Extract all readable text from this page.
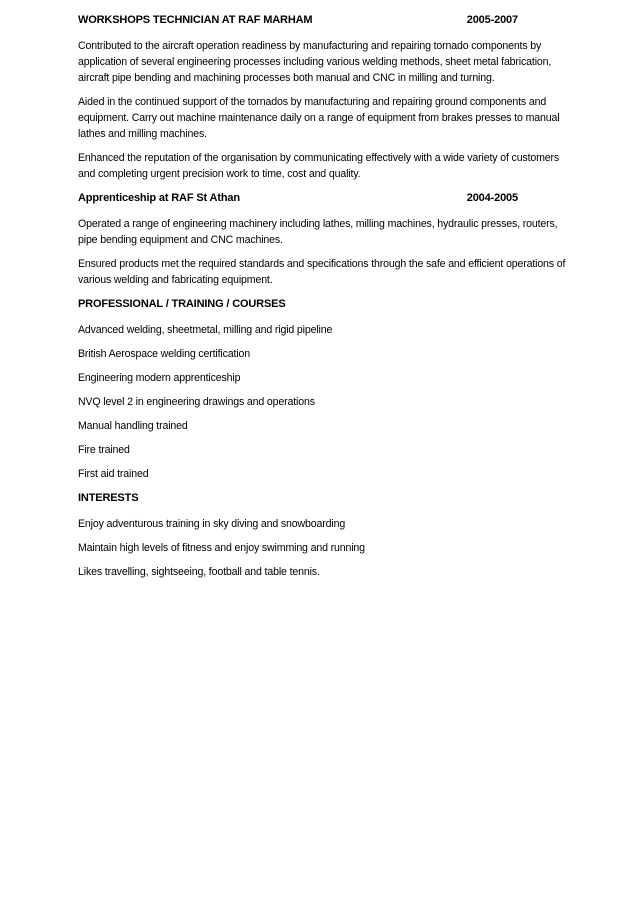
WORKSHOPS TECHNICIAN AT RAF MARHAM	2005-2007

Contributed to the aircraft operation readiness by manufacturing and repairing tornado components by application of several engineering processes including various welding methods, sheet metal fabrication, aircraft pipe bending and machining processes both manual and CNC in milling and turning.

Aided in the continued support of the tornados by manufacturing and repairing ground components and equipment. Carry out machine maintenance daily on a range of equipment from brakes presses to manual lathes and milling machines.

Enhanced the reputation of the organisation by communicating effectively with a wide variety of customers and completing urgent precision work to time, cost and quality.

Apprenticeship at RAF St Athan	2004-2005

Operated a range of engineering machinery including lathes, milling machines, hydraulic presses, routers, pipe bending equipment and CNC machines.

Ensured products met the required standards and specifications through the safe and efficient operations of various welding and fabricating equipment.

PROFESSIONAL / TRAINING / COURSES
Advanced welding, sheetmetal, milling and rigid pipeline
British Aerospace welding certification
Engineering modern apprenticeship
NVQ level 2 in engineering drawings and operations
Manual handling trained
Fire trained
First aid trained
INTERESTS
Enjoy adventurous training in sky diving and snowboarding
Maintain high levels of fitness and enjoy swimming and running
Likes travelling, sightseeing, football and table tennis.
